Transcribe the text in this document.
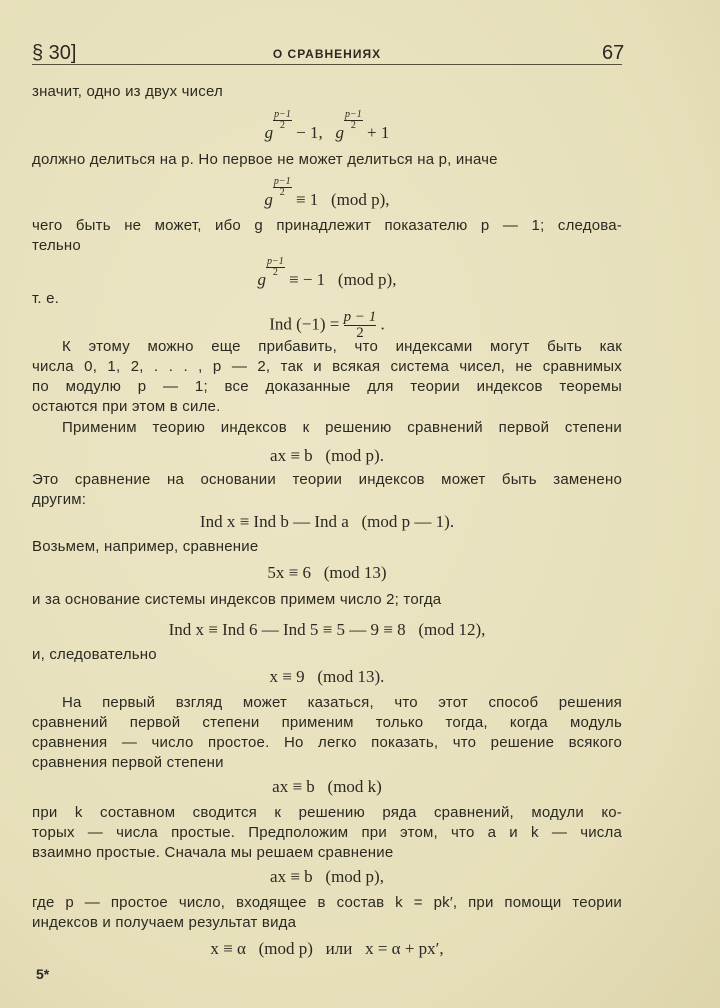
§ 30]	О СРАВНЕНИЯХ	67
значит, одно из двух чисел
g
$\frac{p-1}{2}$
− 1,   g
$\frac{p-1}{2}$
+ 1
должно делиться на p. Но первое не может делиться на p, иначе
g
$\frac{p-1}{2}$
≡ 1   (mod p),
чего быть не может, ибо g принадлежит показателю p — 1; следова-
тельно
g
$\frac{p-1}{2}$
≡ − 1   (mod p),
т. е.
Ind $(-1) = \frac{p - 1}{2}$ .
К этому можно еще прибавить, что индексами могут быть как
числа 0, 1, 2, . . . , p — 2, так и всякая система чисел, не сравнимых
по модулю p — 1; все доказанные для теории индексов теоремы
остаются при этом в силе.
Применим теорию индексов к решению сравнений первой степени
ax ≡ b   (mod p).
Это сравнение на основании теории индексов может быть заменено
другим:
Ind x ≡ Ind b — Ind a   (mod p — 1).
Возьмем, например, сравнение
5x ≡ 6   (mod 13)
и за основание системы индексов примем число 2; тогда
Ind x ≡ Ind 6 — Ind 5 ≡ 5 — 9 ≡ 8   (mod 12),
и, следовательно
x ≡ 9   (mod 13).
На первый взгляд может казаться, что этот способ решения
сравнений первой степени применим только тогда, когда модуль
сравнения — число простое. Но легко показать, что решение всякого
сравнения первой степени
ax ≡ b   (mod k)
при k составном сводится к решению ряда сравнений, модули ко-
торых — числа простые. Предположим при этом, что a и k — числа
взаимно простые. Сначала мы решаем сравнение
ax ≡ b   (mod p),
где p — простое число, входящее в состав k = pk′, при помощи теории
индексов и получаем результат вида
x ≡ α   (mod p)   или   x = α + px′,
5*
